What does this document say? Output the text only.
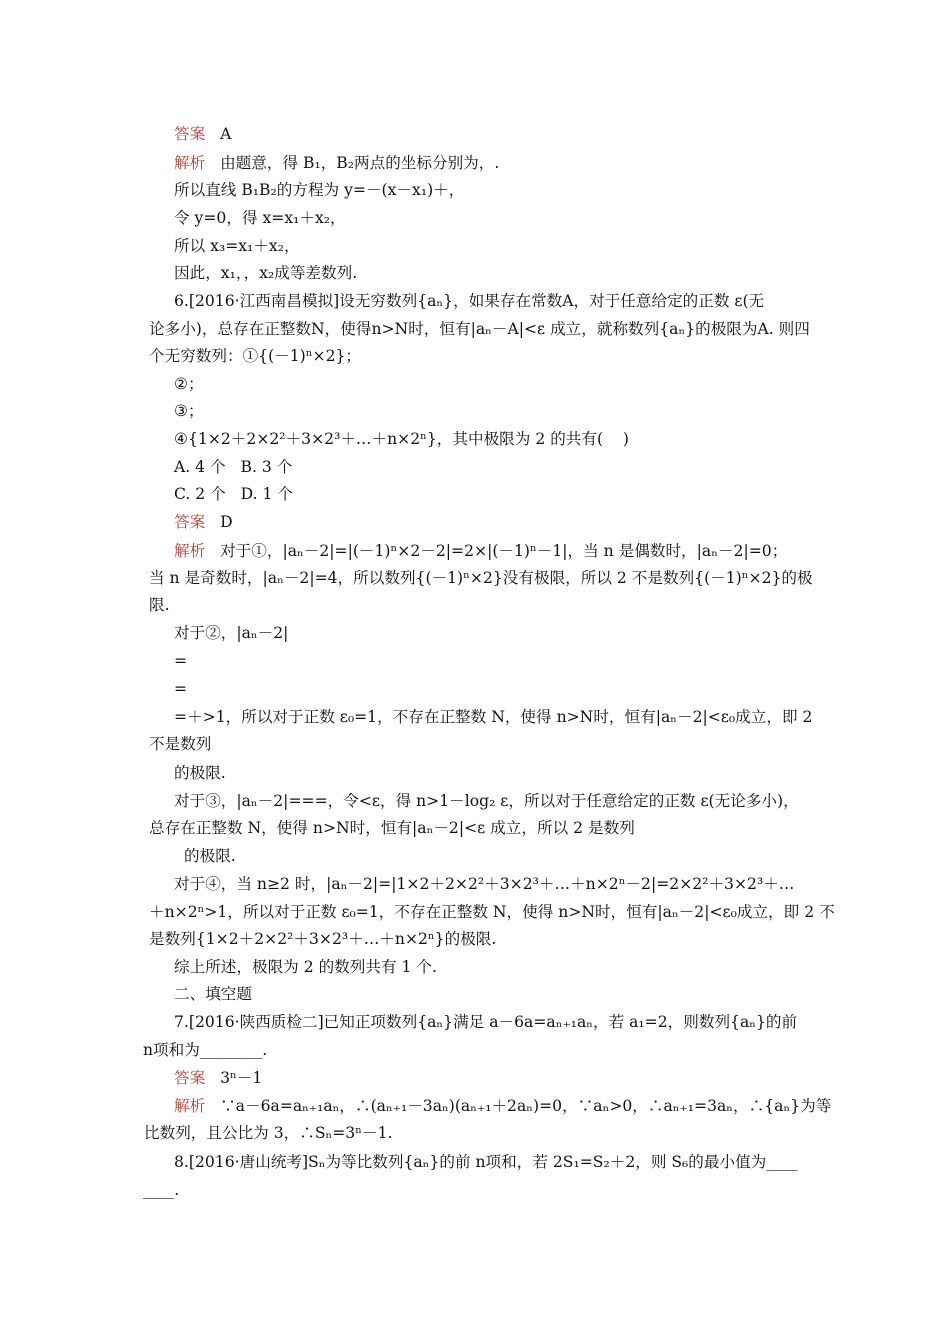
答案 A
解析 由题意，得 B₁，B₂两点的坐标分别为，.
所以直线 B₁B₂的方程为 y=－(x－x₁)＋，
令 y=0，得 x=x₁＋x₂，
所以 x₃=x₁＋x₂，
因此，x₁，，x₂成等差数列.
6.[2016·江西南昌模拟]设无穷数列{aₙ}，如果存在常数A，对于任意给定的正数 ε(无
论多小)，总存在正整数N，使得n>N时，恒有|aₙ－A|<ε 成立，就称数列{aₙ}的极限为A. 则四
个无穷数列：①{(－1)ⁿ×2}；
②；
③；
④{1×2＋2×2²＋3×2³＋…＋n×2ⁿ}，其中极限为 2 的共有(    )
A. 4 个   B. 3 个
C. 2 个   D. 1 个
答案 D
解析 对于①，|aₙ－2|=|(－1)ⁿ×2－2|=2×|(－1)ⁿ－1|，当 n 是偶数时，|aₙ－2|=0；
当 n 是奇数时，|aₙ－2|=4，所以数列{(－1)ⁿ×2}没有极限，所以 2 不是数列{(－1)ⁿ×2}的极
限.
对于②，|aₙ－2|
=
=
=＋>1，所以对于正数 ε₀=1，不存在正整数 N，使得 n>N时，恒有|aₙ－2|<ε₀成立，即 2
不是数列
的极限.
对于③，|aₙ－2|===，令<ε，得 n>1－log₂ ε，所以对于任意给定的正数 ε(无论多小)，
总存在正整数 N，使得 n>N时，恒有|aₙ－2|<ε 成立，所以 2 是数列
的极限.
对于④，当 n≥2 时，|aₙ－2|=|1×2＋2×2²＋3×2³＋…＋n×2ⁿ－2|=2×2²＋3×2³＋…
＋n×2ⁿ>1，所以对于正数 ε₀=1，不存在正整数 N，使得 n>N时，恒有|aₙ－2|<ε₀成立，即 2 不
是数列{1×2＋2×2²＋3×2³＋…＋n×2ⁿ}的极限.
综上所述，极限为 2 的数列共有 1 个.
二、填空题
7.[2016·陕西质检二]已知正项数列{aₙ}满足 a－6a=aₙ₊₁aₙ，若 a₁=2，则数列{aₙ}的前
n项和为________.
答案 3ⁿ－1
解析 ∵a－6a=aₙ₊₁aₙ，∴(aₙ₊₁－3aₙ)(aₙ₊₁＋2aₙ)=0，∵aₙ>0，∴aₙ₊₁=3aₙ，∴{aₙ}为等
比数列，且公比为 3，∴Sₙ=3ⁿ－1.
8.[2016·唐山统考]Sₙ为等比数列{aₙ}的前 n项和，若 2S₁=S₂＋2，则 S₆的最小值为____
____.
